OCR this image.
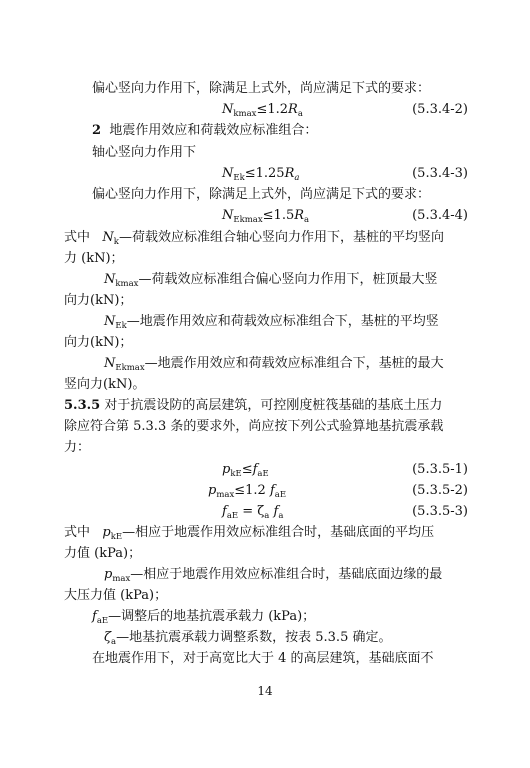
偏心竖向力作用下，除满足上式外，尚应满足下式的要求：
$N_{kmax}\le 1.2R_a$	(5.3.4-2)
2 地震作用效应和荷载效应标准组合：
轴心竖向力作用下
$N_{Ek}\le 1.25R_a$	(5.3.4-3)
偏心竖向力作用下，除满足上式外，尚应满足下式的要求：
$N_{Ekmax}\le 1.5R_a$	(5.3.4-4)
式中 $N_k—$荷载效应标准组合轴心竖向力作用下，基桩的平均竖向
力 (kN)；
$N_{kmax}—$荷载效应标准组合偏心竖向力作用下，桩顶最大竖
向力(kN)；
$N_{Ek}—$地震作用效应和荷载效应标准组合下，基桩的平均竖
向力(kN)；
$N_{Ekmax}—$地震作用效应和荷载效应标准组合下，基桩的最大
竖向力(kN)。
5.3.5 对于抗震设防的高层建筑，可控刚度桩筏基础的基底土压力
除应符合第 5.3.3 条的要求外，尚应按下列公式验算地基抗震承载
力：
$p_{kE}\le f_{aE}$	(5.3.5-1)
$p_{max}\le 1.2$ $f_{aE}$	(5.3.5-2)
$f_{aE} = \zeta_a$ $f_a$	(5.3.5-3)
式中 $p_{kE}—$相应于地震作用效应标准组合时，基础底面的平均压
力值 (kPa)；
$p_{max}—$相应于地震作用效应标准组合时，基础底面边缘的最
大压力值 (kPa)；
$f_{aE}—$调整后的地基抗震承载力 (kPa)；
$\zeta_a—$地基抗震承载力调整系数，按表 5.3.5 确定。
在地震作用下，对于高宽比大于 4 的高层建筑，基础底面不
14
